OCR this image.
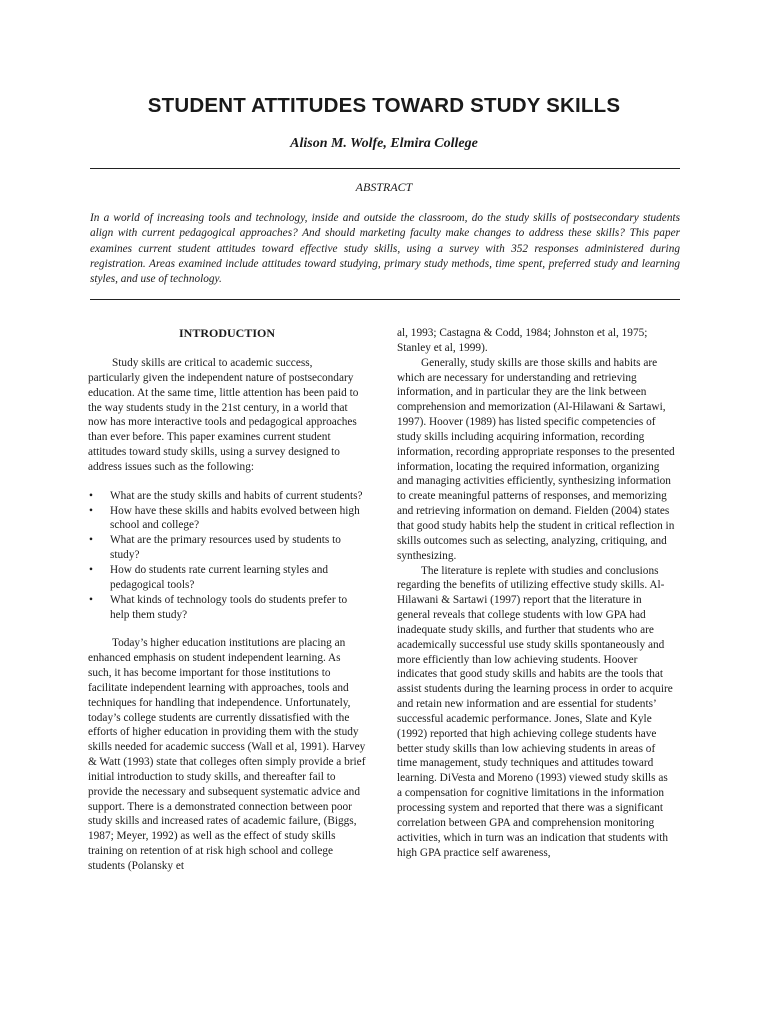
STUDENT ATTITUDES TOWARD STUDY SKILLS
Alison M. Wolfe, Elmira College
ABSTRACT
In a world of increasing tools and technology, inside and outside the classroom, do the study skills of postsecondary students align with current pedagogical approaches? And should marketing faculty make changes to address these skills? This paper examines current student attitudes toward effective study skills, using a survey with 352 responses administered during registration. Areas examined include attitudes toward studying, primary study methods, time spent, preferred study and learning styles, and use of technology.
INTRODUCTION

Study skills are critical to academic success, particularly given the independent nature of postsecondary education. At the same time, little attention has been paid to the way students study in the 21st century, in a world that now has more interactive tools and pedagogical approaches than ever before. This paper examines current student attitudes toward study skills, using a survey designed to address issues such as the following:

• What are the study skills and habits of current students?
• How have these skills and habits evolved between high school and college?
• What are the primary resources used by students to study?
• How do students rate current learning styles and pedagogical tools?
• What kinds of technology tools do students prefer to help them study?

Today’s higher education institutions are placing an enhanced emphasis on student independent learning. As such, it has become important for those institutions to facilitate independent learning with approaches, tools and techniques for handling that independence. Unfortunately, today’s college students are currently dissatisfied with the efforts of higher education in providing them with the study skills needed for academic success (Wall et al, 1991). Harvey & Watt (1993) state that colleges often simply provide a brief initial introduction to study skills, and thereafter fail to provide the necessary and subsequent systematic advice and support. There is a demonstrated connection between poor study skills and increased rates of academic failure, (Biggs, 1987; Meyer, 1992) as well as the effect of study skills training on retention of at risk high school and college students (Polansky et

al, 1993; Castagna & Codd, 1984; Johnston et al, 1975; Stanley et al, 1999).

Generally, study skills are those skills and habits are which are necessary for understanding and retrieving information, and in particular they are the link between comprehension and memorization (Al-Hilawani & Sartawi, 1997). Hoover (1989) has listed specific competencies of study skills including acquiring information, recording information, recording appropriate responses to the presented information, locating the required information, organizing and managing activities efficiently, synthesizing information to create meaningful patterns of responses, and memorizing and retrieving information on demand. Fielden (2004) states that good study habits help the student in critical reflection in skills outcomes such as selecting, analyzing, critiquing, and synthesizing.

The literature is replete with studies and conclusions regarding the benefits of utilizing effective study skills. Al-Hilawani & Sartawi (1997) report that the literature in general reveals that college students with low GPA had inadequate study skills, and further that students who are academically successful use study skills spontaneously and more efficiently than low achieving students. Hoover indicates that good study skills and habits are the tools that assist students during the learning process in order to acquire and retain new information and are essential for students’ successful academic performance. Jones, Slate and Kyle (1992) reported that high achieving college students have better study skills than low achieving students in areas of time management, study techniques and attitudes toward learning. DiVesta and Moreno (1993) viewed study skills as a compensation for cognitive limitations in the information processing system and reported that there was a significant correlation between GPA and comprehension monitoring activities, which in turn was an indication that students with high GPA practice self awareness,
